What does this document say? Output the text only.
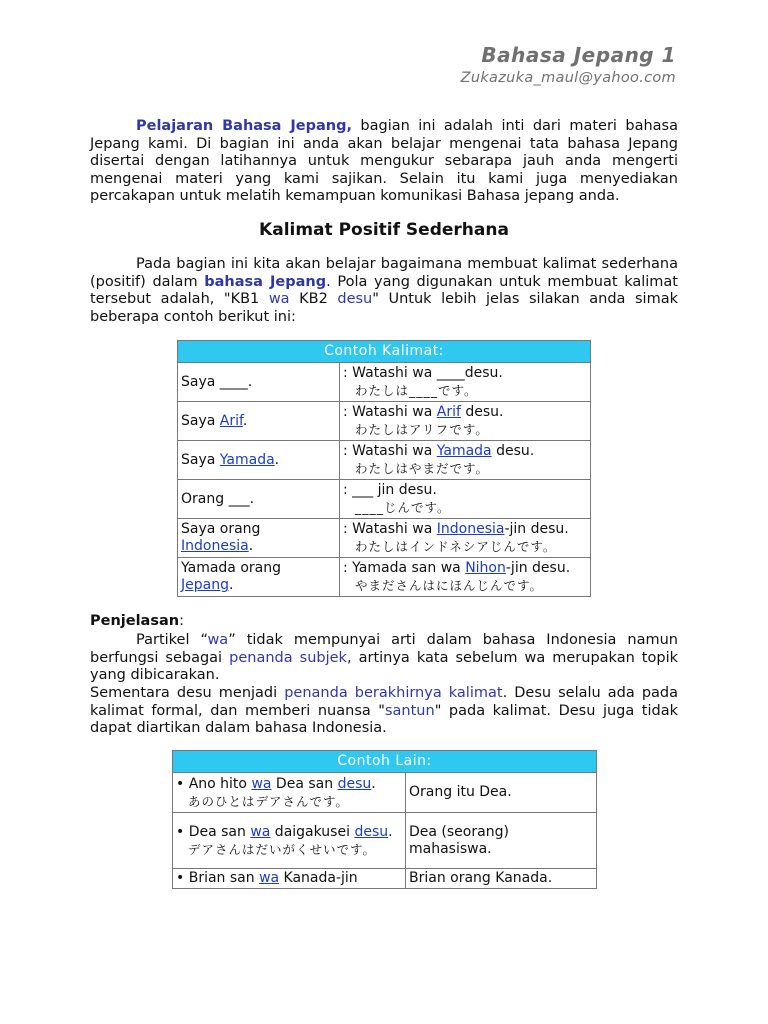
Bahasa Jepang 1
Zukazuka_maul@yahoo.com

Pelajaran Bahasa Jepang, bagian ini adalah inti dari materi bahasa Jepang kami. Di bagian ini anda akan belajar mengenai tata bahasa Jepang disertai dengan latihannya untuk mengukur sebarapa jauh anda mengerti mengenai materi yang kami sajikan. Selain itu kami juga menyediakan percakapan untuk melatih kemampuan komunikasi Bahasa jepang anda.

Kalimat Positif Sederhana

Pada bagian ini kita akan belajar bagaimana membuat kalimat sederhana (positif) dalam bahasa Jepang. Pola yang digunakan untuk membuat kalimat tersebut adalah, "KB1 wa KB2 desu" Untuk lebih jelas silakan anda simak beberapa contoh berikut ini:

Contoh Kalimat:	
Saya ____.	: Watashi wa ____desu.
わたしは____です。

Saya Arif.	: Watashi wa Arif desu.
わたしはアリフです。

Saya Yamada.	: Watashi wa Yamada desu.
わたしはやまだです。

Orang ___.	: ___ jin desu.
____じんです。

Saya orang Indonesia.	: Watashi wa Indonesia-jin desu.
わたしはインドネシアじんです。

Yamada orang Jepang.	: Yamada san wa Nihon-jin desu.
やまださんはにほんじんです。
Penjelasan:

Partikel “wa” tidak mempunyai arti dalam bahasa Indonesia namun berfungsi sebagai penanda subjek, artinya kata sebelum wa merupakan topik yang dibicarakan.

Sementara desu menjadi penanda berakhirnya kalimat. Desu selalu ada pada kalimat formal, dan memberi nuansa "santun" pada kalimat. Desu juga tidak dapat diartikan dalam bahasa Indonesia.

Contoh Lain:	
• Ano hito wa Dea san desu.
あのひとはデアさんです。	Orang itu Dea.
• Dea san wa daigakusei desu.
デアさんはだいがくせいです。	Dea (seorang) mahasiswa.
• Brian san wa Kanada-jin	Brian orang Kanada.
